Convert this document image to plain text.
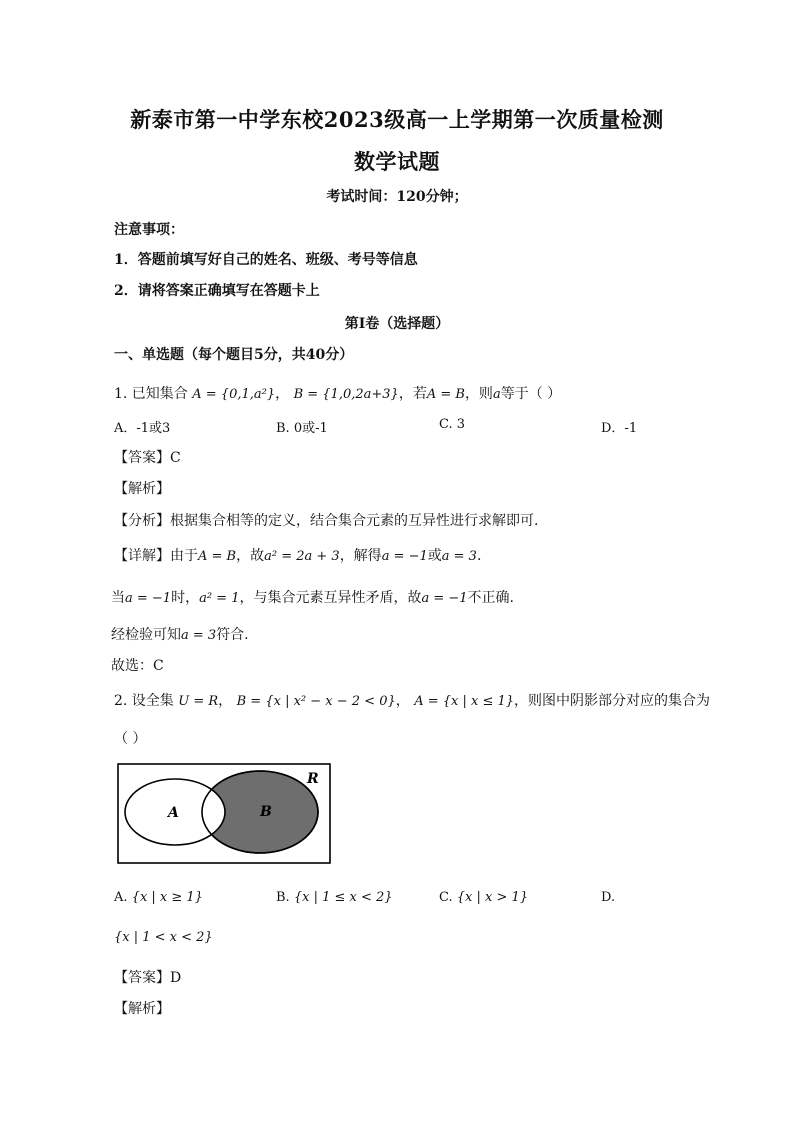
新泰市第一中学东校2023级高一上学期第一次质量检测
数学试题
考试时间：120分钟；
注意事项：
1．答题前填写好自己的姓名、班级、考号等信息
2．请将答案正确填写在答题卡上
第I卷（选择题）
一、单选题（每个题目5分，共40分）
1. 已知集合 A = {0,1,a²}， B = {1,0,2a+3}，若A = B，则a等于（ ）
A．-1或3	B. 0或-1	C. 3	D．-1
【答案】C
【解析】
【分析】根据集合相等的定义，结合集合元素的互异性进行求解即可.
【详解】由于A = B，故a² = 2a + 3，解得a = −1或a = 3.
当a = −1时，a² = 1，与集合元素互异性矛盾，故a = −1不正确.
经检验可知a = 3符合.
故选：C
2. 设全集 U = R， B = {x | x² − x − 2 < 0}， A = {x | x ≤ 1}，则图中阴影部分对应的集合为
（ ）
R
A	B
A. {x | x ≥ 1}	B. {x | 1 ≤ x < 2}	C. {x | x > 1}	D.
{x | 1 < x < 2}
【答案】D
【解析】
